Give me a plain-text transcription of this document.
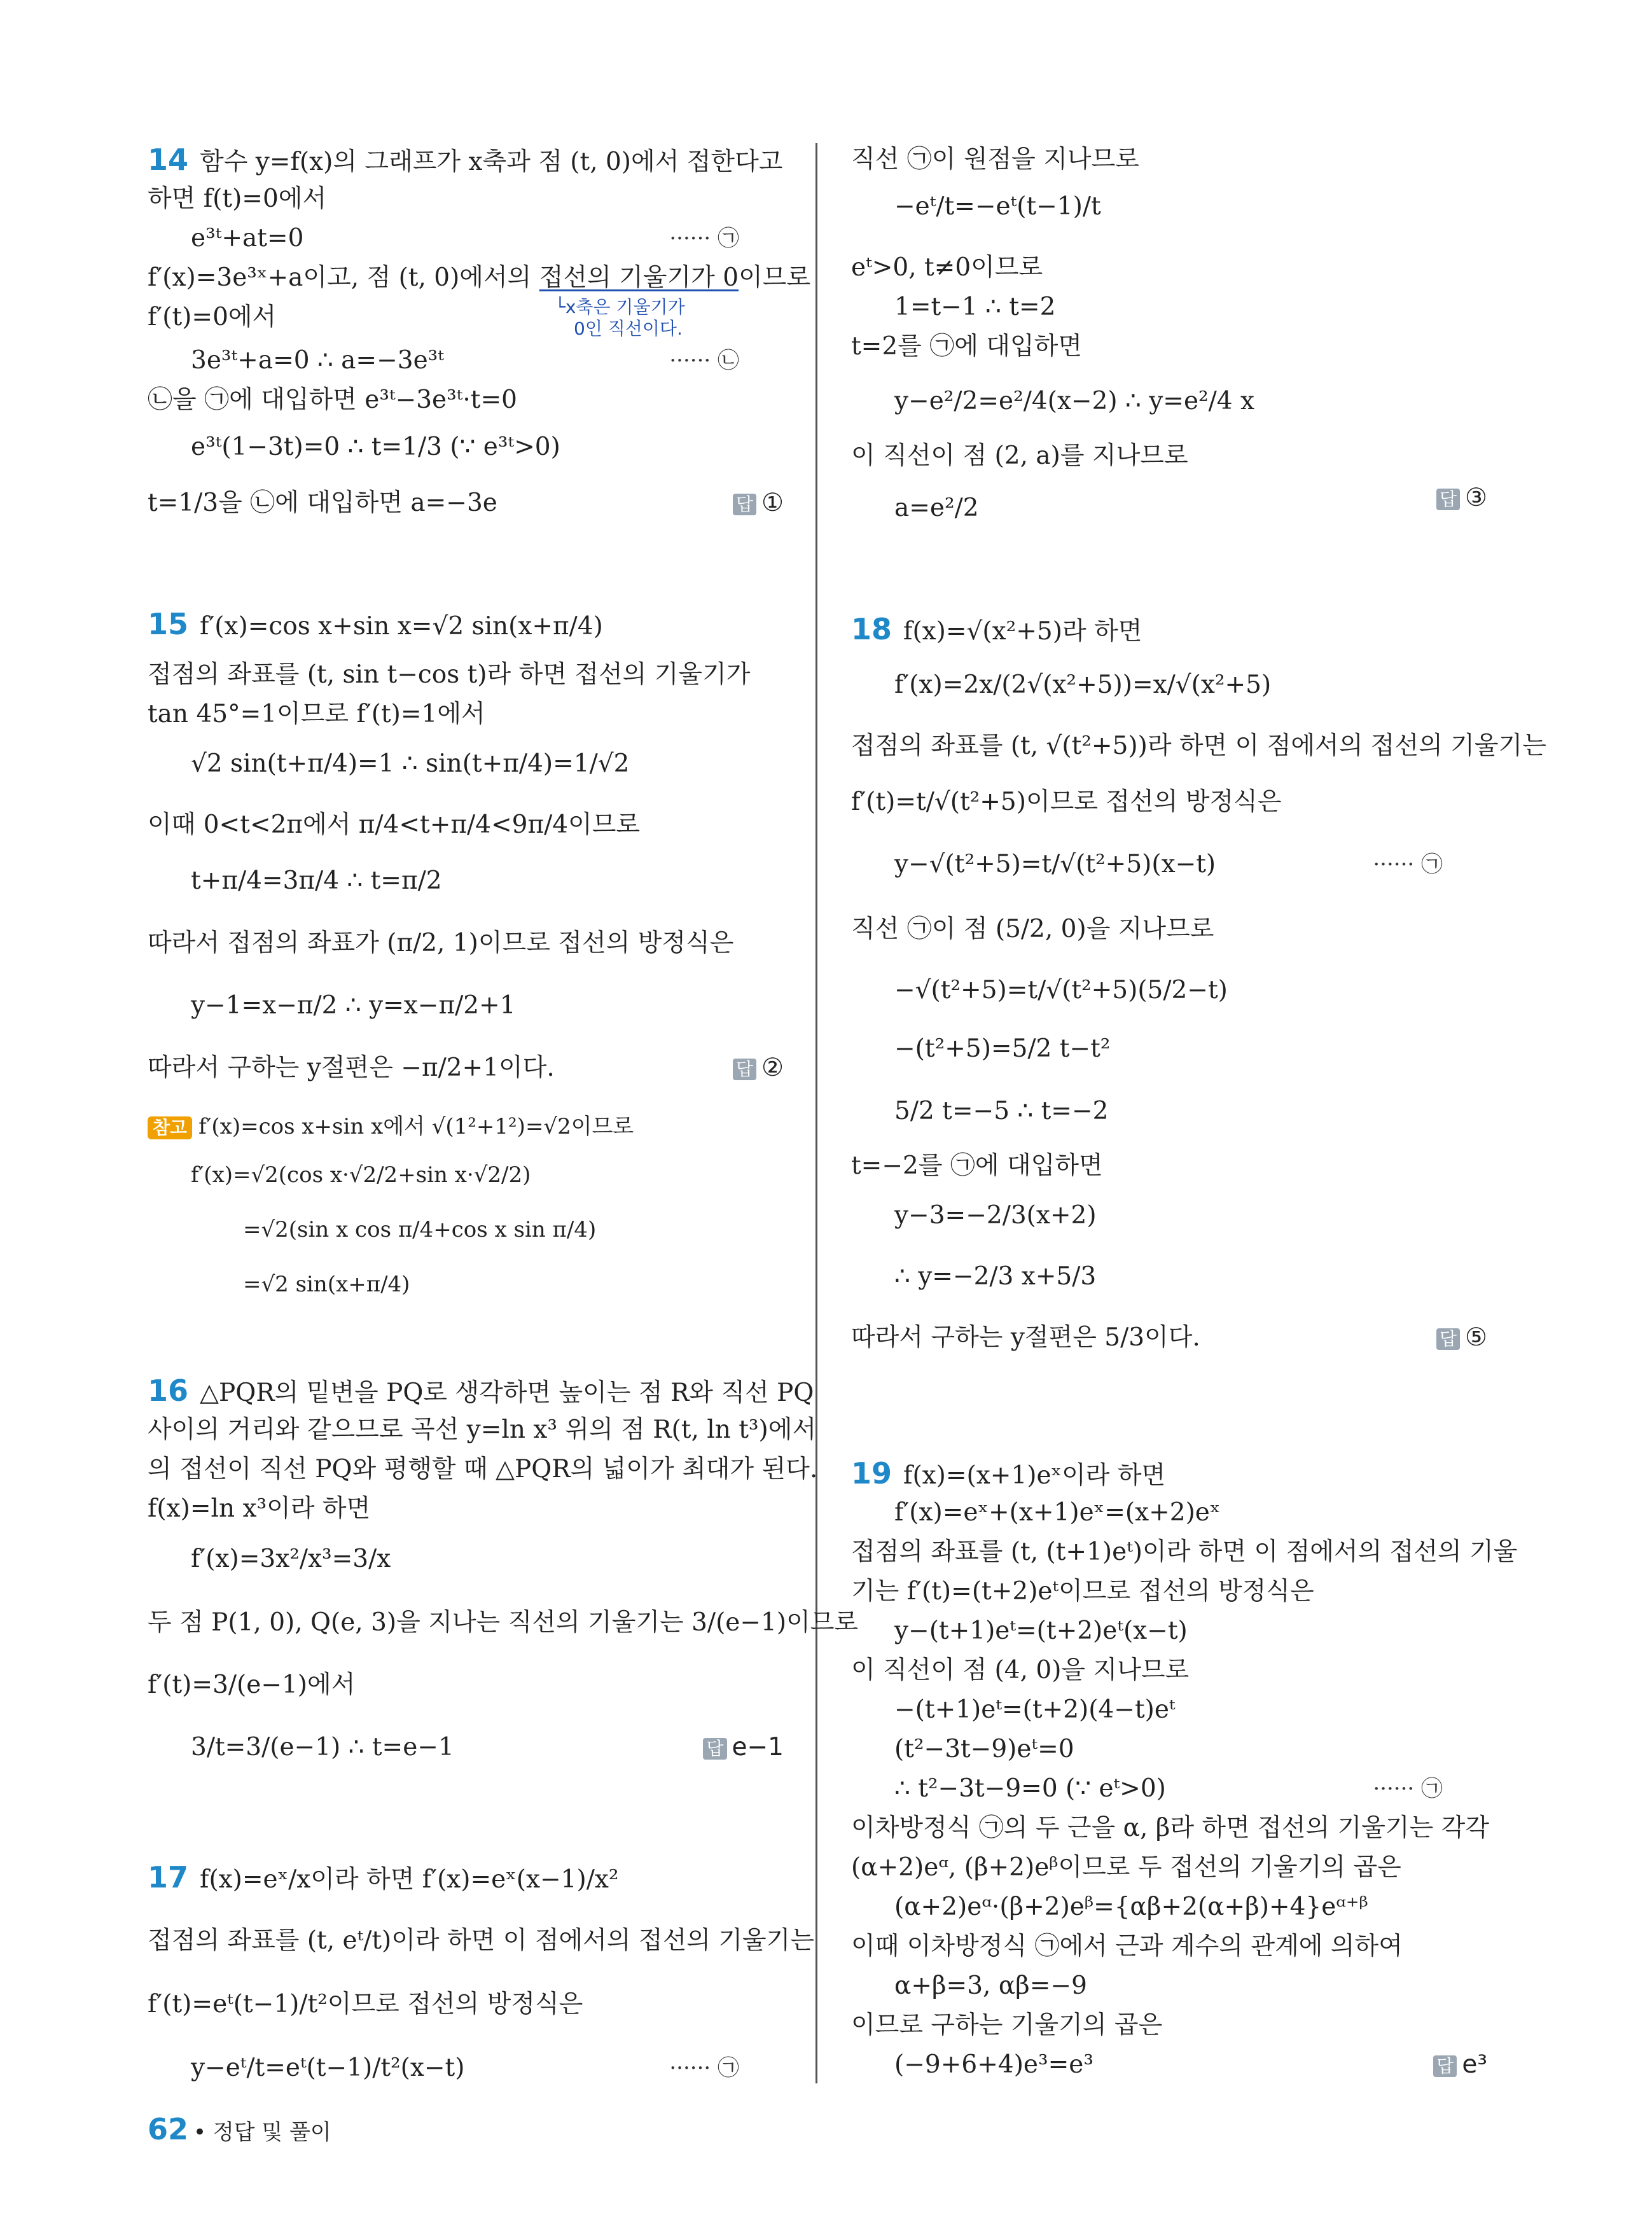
14 함수 y=f(x)의 그래프가 x축과 점 (t, 0)에서 접한다고
하면 f(t)=0에서
e³ᵗ+at=0	······ ㉠
f′(x)=3e³ˣ+a이고, 점 (t, 0)에서의 접선의 기울기가 0이므로
└x축은 기울기가
0인 직선이다.
f′(t)=0에서
3e³ᵗ+a=0 ∴ a=−3e³ᵗ	······ ㉡
㉡을 ㉠에 대입하면 e³ᵗ−3e³ᵗ·t=0
e³ᵗ(1−3t)=0 ∴ t=1/3 (∵ e³ᵗ>0)
t=1/3을 ㉡에 대입하면 a=−3e	답 ①
15 f′(x)=cos x+sin x=√2 sin(x+π/4)
접점의 좌표를 (t, sin t−cos t)라 하면 접선의 기울기가
tan 45°=1이므로 f′(t)=1에서
√2 sin(t+π/4)=1 ∴ sin(t+π/4)=1/√2
이때 0<t<2π에서 π/4<t+π/4<9π/4이므로
t+π/4=3π/4 ∴ t=π/2
따라서 접점의 좌표가 (π/2, 1)이므로 접선의 방정식은
y−1=x−π/2 ∴ y=x−π/2+1
따라서 구하는 y절편은 −π/2+1이다.	답 ②
참고 f′(x)=cos x+sin x에서 √(1²+1²)=√2이므로
f′(x)=√2(cos x·√2/2+sin x·√2/2)
=√2(sin x cos π/4+cos x sin π/4)
=√2 sin(x+π/4)
16 △PQR의 밑변을 PQ로 생각하면 높이는 점 R와 직선 PQ
사이의 거리와 같으므로 곡선 y=ln x³ 위의 점 R(t, ln t³)에서
의 접선이 직선 PQ와 평행할 때 △PQR의 넓이가 최대가 된다.
f(x)=ln x³이라 하면
f′(x)=3x²/x³=3/x
두 점 P(1, 0), Q(e, 3)을 지나는 직선의 기울기는 3/(e−1)이므로
f′(t)=3/(e−1)에서
3/t=3/(e−1) ∴ t=e−1	답 e−1
17 f(x)=eˣ/x이라 하면 f′(x)=eˣ(x−1)/x²
접점의 좌표를 (t, eᵗ/t)이라 하면 이 점에서의 접선의 기울기는
f′(t)=eᵗ(t−1)/t²이므로 접선의 방정식은
y−eᵗ/t=eᵗ(t−1)/t²(x−t)	······ ㉠
직선 ㉠이 원점을 지나므로
−eᵗ/t=−eᵗ(t−1)/t
eᵗ>0, t≠0이므로
1=t−1 ∴ t=2
t=2를 ㉠에 대입하면
y−e²/2=e²/4(x−2) ∴ y=e²/4 x
이 직선이 점 (2, a)를 지나므로
a=e²/2	답 ③
18 f(x)=√(x²+5)라 하면
f′(x)=2x/(2√(x²+5))=x/√(x²+5)
접점의 좌표를 (t, √(t²+5))라 하면 이 점에서의 접선의 기울기는
f′(t)=t/√(t²+5)이므로 접선의 방정식은
y−√(t²+5)=t/√(t²+5)(x−t)	······ ㉠
직선 ㉠이 점 (5/2, 0)을 지나므로
−√(t²+5)=t/√(t²+5)(5/2−t)
−(t²+5)=5/2 t−t²
5/2 t=−5 ∴ t=−2
t=−2를 ㉠에 대입하면
y−3=−2/3(x+2)
∴ y=−2/3 x+5/3
따라서 구하는 y절편은 5/3이다.	답 ⑤
19 f(x)=(x+1)eˣ이라 하면
f′(x)=eˣ+(x+1)eˣ=(x+2)eˣ
접점의 좌표를 (t, (t+1)eᵗ)이라 하면 이 점에서의 접선의 기울
기는 f′(t)=(t+2)eᵗ이므로 접선의 방정식은
y−(t+1)eᵗ=(t+2)eᵗ(x−t)
이 직선이 점 (4, 0)을 지나므로
−(t+1)eᵗ=(t+2)(4−t)eᵗ
(t²−3t−9)eᵗ=0
∴ t²−3t−9=0 (∵ eᵗ>0)	······ ㉠
이차방정식 ㉠의 두 근을 α, β라 하면 접선의 기울기는 각각
(α+2)eᵅ, (β+2)eᵝ이므로 두 접선의 기울기의 곱은
(α+2)eᵅ·(β+2)eᵝ={αβ+2(α+β)+4}eᵅ⁺ᵝ
이때 이차방정식 ㉠에서 근과 계수의 관계에 의하여
α+β=3, αβ=−9
이므로 구하는 기울기의 곱은
(−9+6+4)e³=e³	답 e³
62 • 정답 및 풀이
